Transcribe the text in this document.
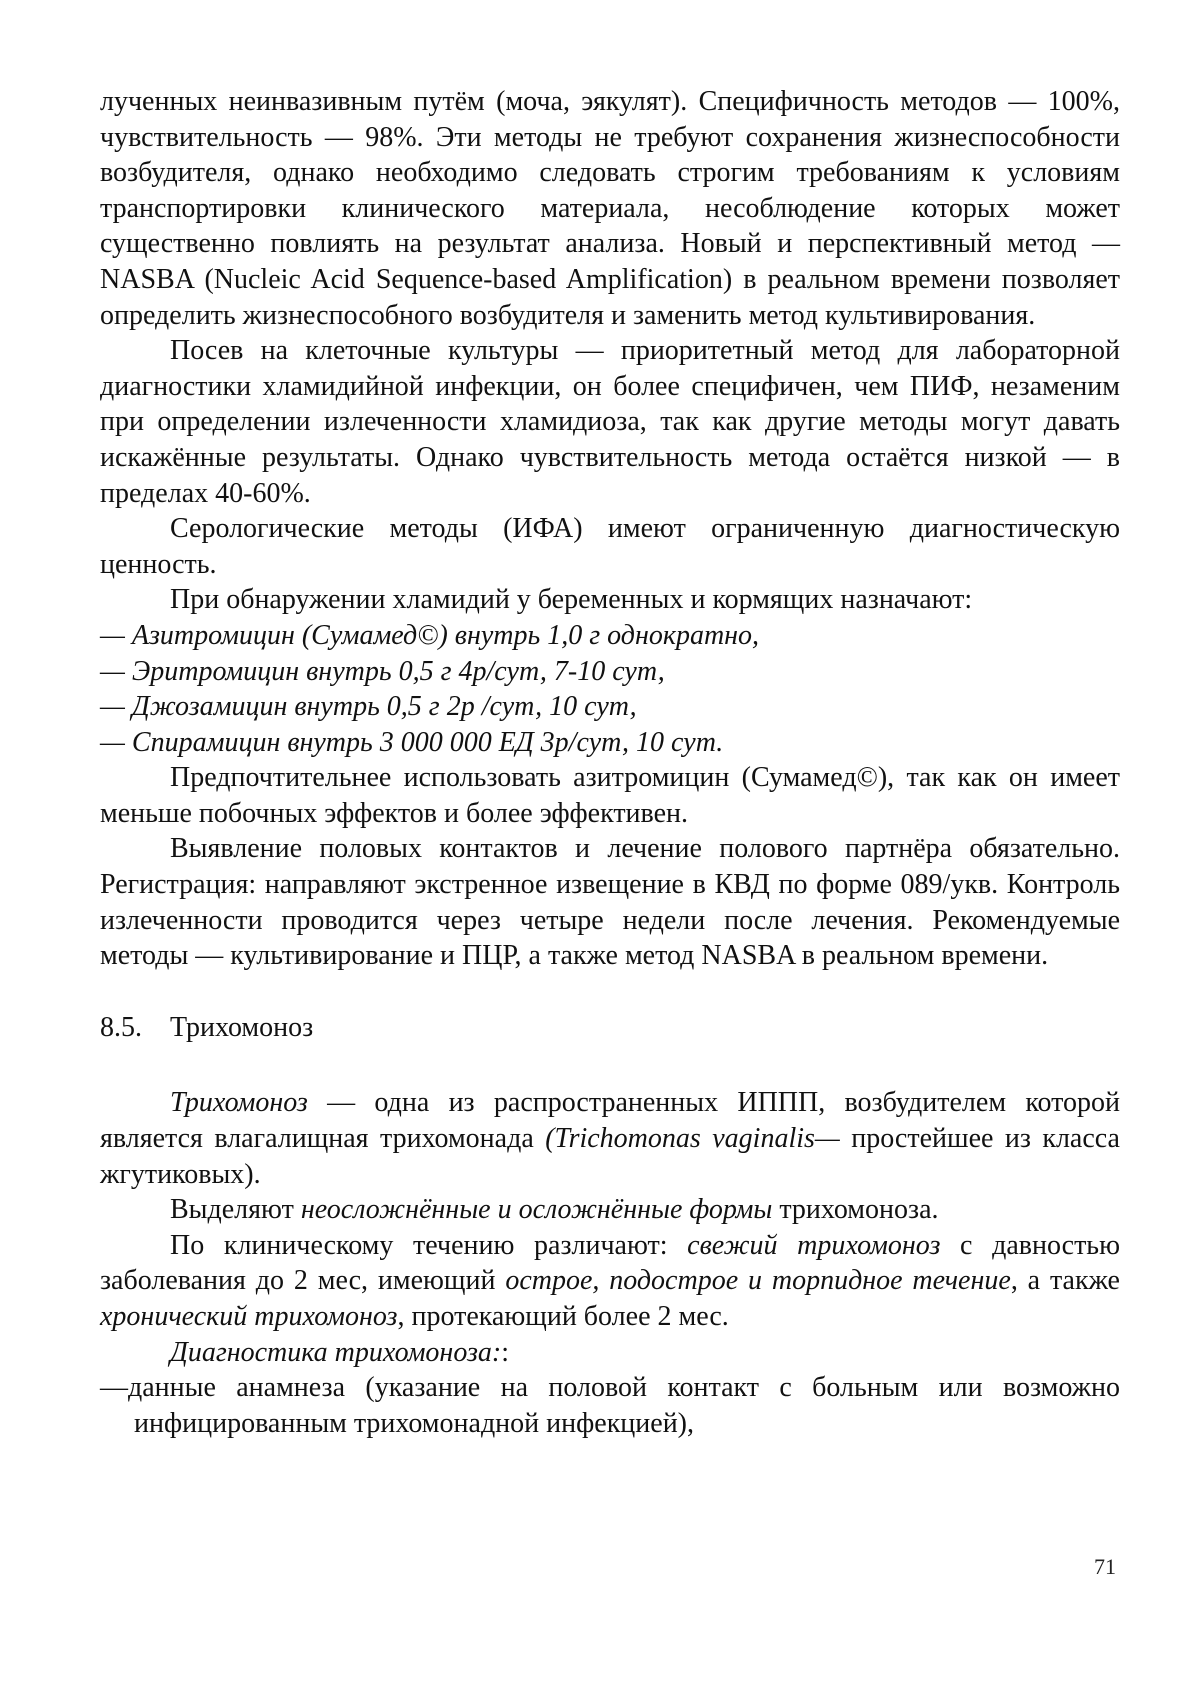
лученных неинвазивным путём (моча, эякулят). Специфичность методов — 100%, чувствительность — 98%. Эти методы не требуют сохранения жизнеспособности возбудителя, однако необходимо следовать строгим требованиям к условиям транспортировки клинического материала, несоблюдение которых может существенно повлиять на результат анализа. Новый и перспективный метод — NASBA (Nucleic Acid Sequence-based Amplification) в реальном времени позволяет определить жизнеспособного возбудителя и заменить метод культивирования.

Посев на клеточные культуры — приоритетный метод для лабораторной диагностики хламидийной инфекции, он более специфичен, чем ПИФ, незаменим при определении излеченности хламидиоза, так как другие методы могут давать искажённые результаты. Однако чувствительность метода остаётся низкой — в пределах 40-60%.

Серологические методы (ИФА) имеют ограниченную диагностическую ценность.

При обнаружении хламидий у беременных и кормящих назначают:

— Азитромицин (Сумамед©) внутрь 1,0 г однократно,

— Эритромицин внутрь 0,5 г 4р/сут, 7-10 сут,

— Джозамицин внутрь 0,5 г 2р /сут, 10 сут,

— Спирамицин внутрь 3 000 000 ЕД 3р/сут, 10 сут.

Предпочтительнее использовать азитромицин (Сумамед©), так как он имеет меньше побочных эффектов и более эффективен.

Выявление половых контактов и лечение полового партнёра обязательно. Регистрация: направляют экстренное извещение в КВД по форме 089/укв. Контроль излеченности проводится через четыре недели после лечения. Рекомендуемые методы — культивирование и ПЦР, а также метод NASBA в реальном времени.

8.5. Трихомоноз

Трихомоноз — одна из распространенных ИППП, возбудителем которой является влагалищная трихомонада (Trichomonas vaginalis— простейшее из класса жгутиковых).

Выделяют неосложнённые и осложнённые формы трихомоноза.

По клиническому течению различают: свежий трихомоноз с давностью заболевания до 2 мес, имеющий острое, подострое и торпидное течение, а также хронический трихомоноз, протекающий более 2 мес.

Диагностика трихомоноза::

—данные анамнеза (указание на половой контакт с больным или возможно инфицированным трихомонадной инфекцией),

71
